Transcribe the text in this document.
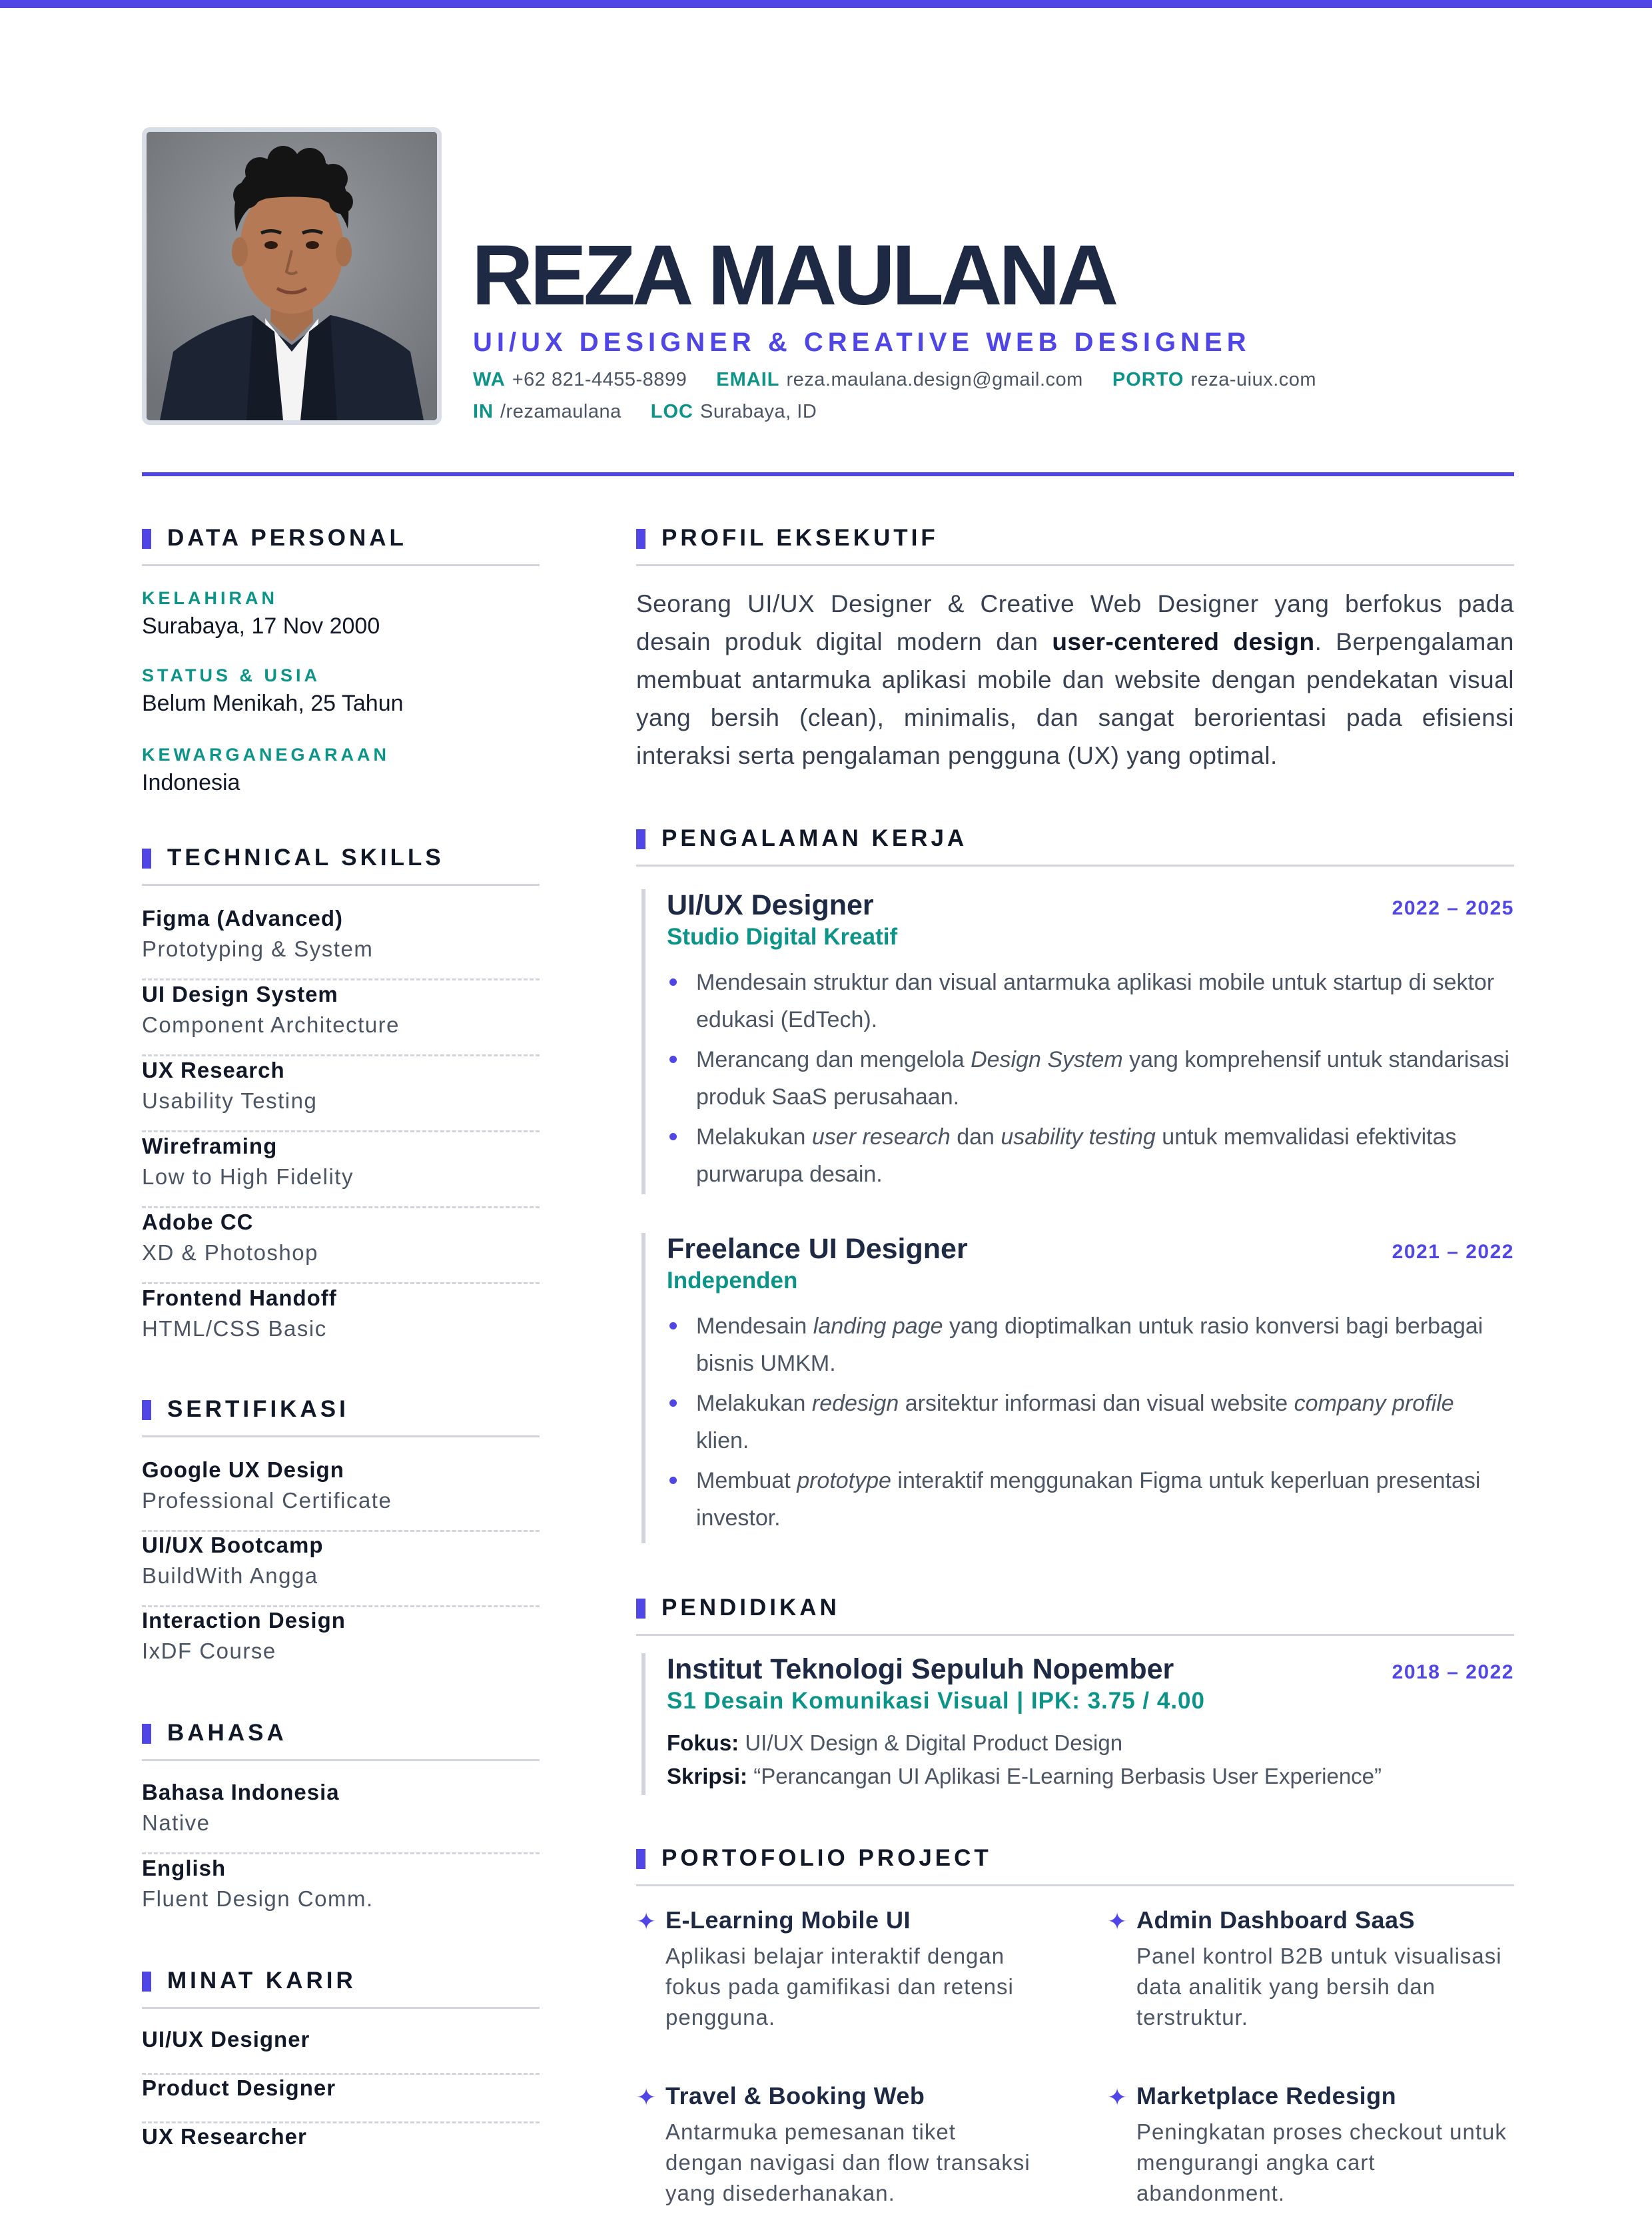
REZA MAULANA
UI/UX DESIGNER & CREATIVE WEB DESIGNER
WA +62 821-4455-8899 EMAIL reza.maulana.design@gmail.com PORTO reza-uiux.com
IN /rezamaulana LOC Surabaya, ID
DATA PERSONAL
KELAHIRAN
Surabaya, 17 Nov 2000
STATUS & USIA
Belum Menikah, 25 Tahun
KEWARGANEGARAAN
Indonesia
TECHNICAL SKILLS
Figma (Advanced)
Prototyping & System
UI Design System
Component Architecture
UX Research
Usability Testing
Wireframing
Low to High Fidelity
Adobe CC
XD & Photoshop
Frontend Handoff
HTML/CSS Basic
SERTIFIKASI
Google UX Design
Professional Certificate
UI/UX Bootcamp
BuildWith Angga
Interaction Design
IxDF Course
BAHASA
Bahasa Indonesia
Native
English
Fluent Design Comm.
MINAT KARIR
UI/UX Designer
Product Designer
UX Researcher
PROFIL EKSEKUTIF
Seorang UI/UX Designer & Creative Web Designer yang berfokus pada desain produk digital modern dan user-centered design. Berpengalaman membuat antarmuka aplikasi mobile dan website dengan pendekatan visual yang bersih (clean), minimalis, dan sangat berorientasi pada efisiensi interaksi serta pengalaman pengguna (UX) yang optimal.
PENGALAMAN KERJA
UI/UX Designer	2022 – 2025
Studio Digital Kreatif
Mendesain struktur dan visual antarmuka aplikasi mobile untuk startup di sektor edukasi (EdTech).
Merancang dan mengelola Design System yang komprehensif untuk standarisasi produk SaaS perusahaan.
Melakukan user research dan usability testing untuk memvalidasi efektivitas purwarupa desain.
Freelance UI Designer	2021 – 2022
Independen
Mendesain landing page yang dioptimalkan untuk rasio konversi bagi berbagai bisnis UMKM.
Melakukan redesign arsitektur informasi dan visual website company profile klien.
Membuat prototype interaktif menggunakan Figma untuk keperluan presentasi investor.
PENDIDIKAN
Institut Teknologi Sepuluh Nopember	2018 – 2022
S1 Desain Komunikasi Visual | IPK: 3.75 / 4.00
Fokus: UI/UX Design & Digital Product Design
Skripsi: “Perancangan UI Aplikasi E-Learning Berbasis User Experience”
PORTOFOLIO PROJECT
✦ E-Learning Mobile UI
Aplikasi belajar interaktif dengan fokus pada gamifikasi dan retensi pengguna.
✦ Admin Dashboard SaaS
Panel kontrol B2B untuk visualisasi data analitik yang bersih dan terstruktur.
✦ Travel & Booking Web
Antarmuka pemesanan tiket dengan navigasi dan flow transaksi yang disederhanakan.
✦ Marketplace Redesign
Peningkatan proses checkout untuk mengurangi angka cart abandonment.
